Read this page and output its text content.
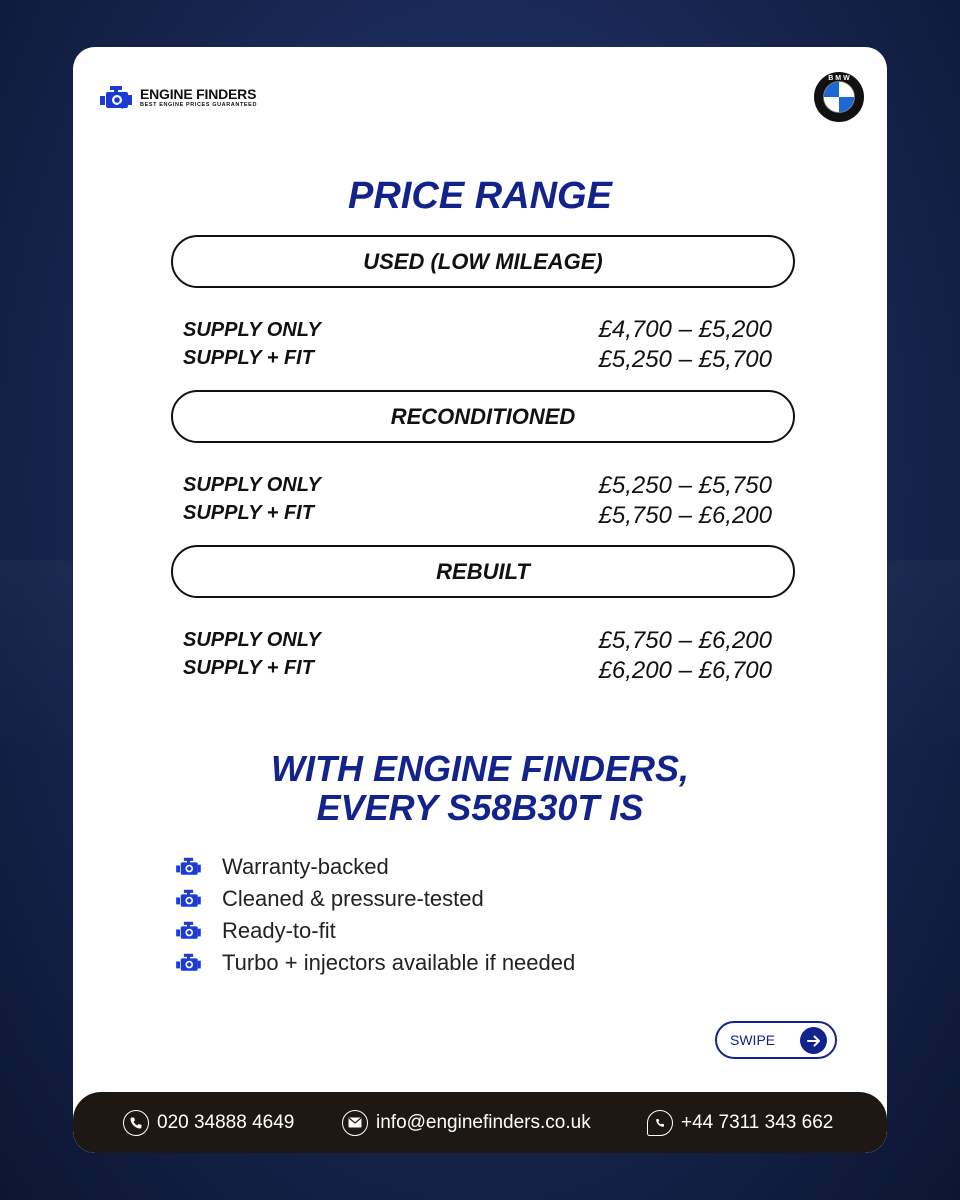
ENGINE FINDERS
BEST ENGINE PRICES GUARANTEED
B M W
PRICE RANGE
USED (LOW MILEAGE)
SUPPLY ONLY
SUPPLY + FIT
£4,700 – £5,200
£5,250 – £5,700
RECONDITIONED
SUPPLY ONLY
SUPPLY + FIT
£5,250 – £5,750
£5,750 – £6,200
REBUILT
SUPPLY ONLY
SUPPLY + FIT
£5,750 – £6,200
£6,200 – £6,700
WITH ENGINE FINDERS,
EVERY S58B30T IS
Warranty-backed
Cleaned & pressure-tested
Ready-to-fit
Turbo + injectors available if needed
SWIPE
020 34888 4649	info@enginefinders.co.uk	+44 7311 343 662
